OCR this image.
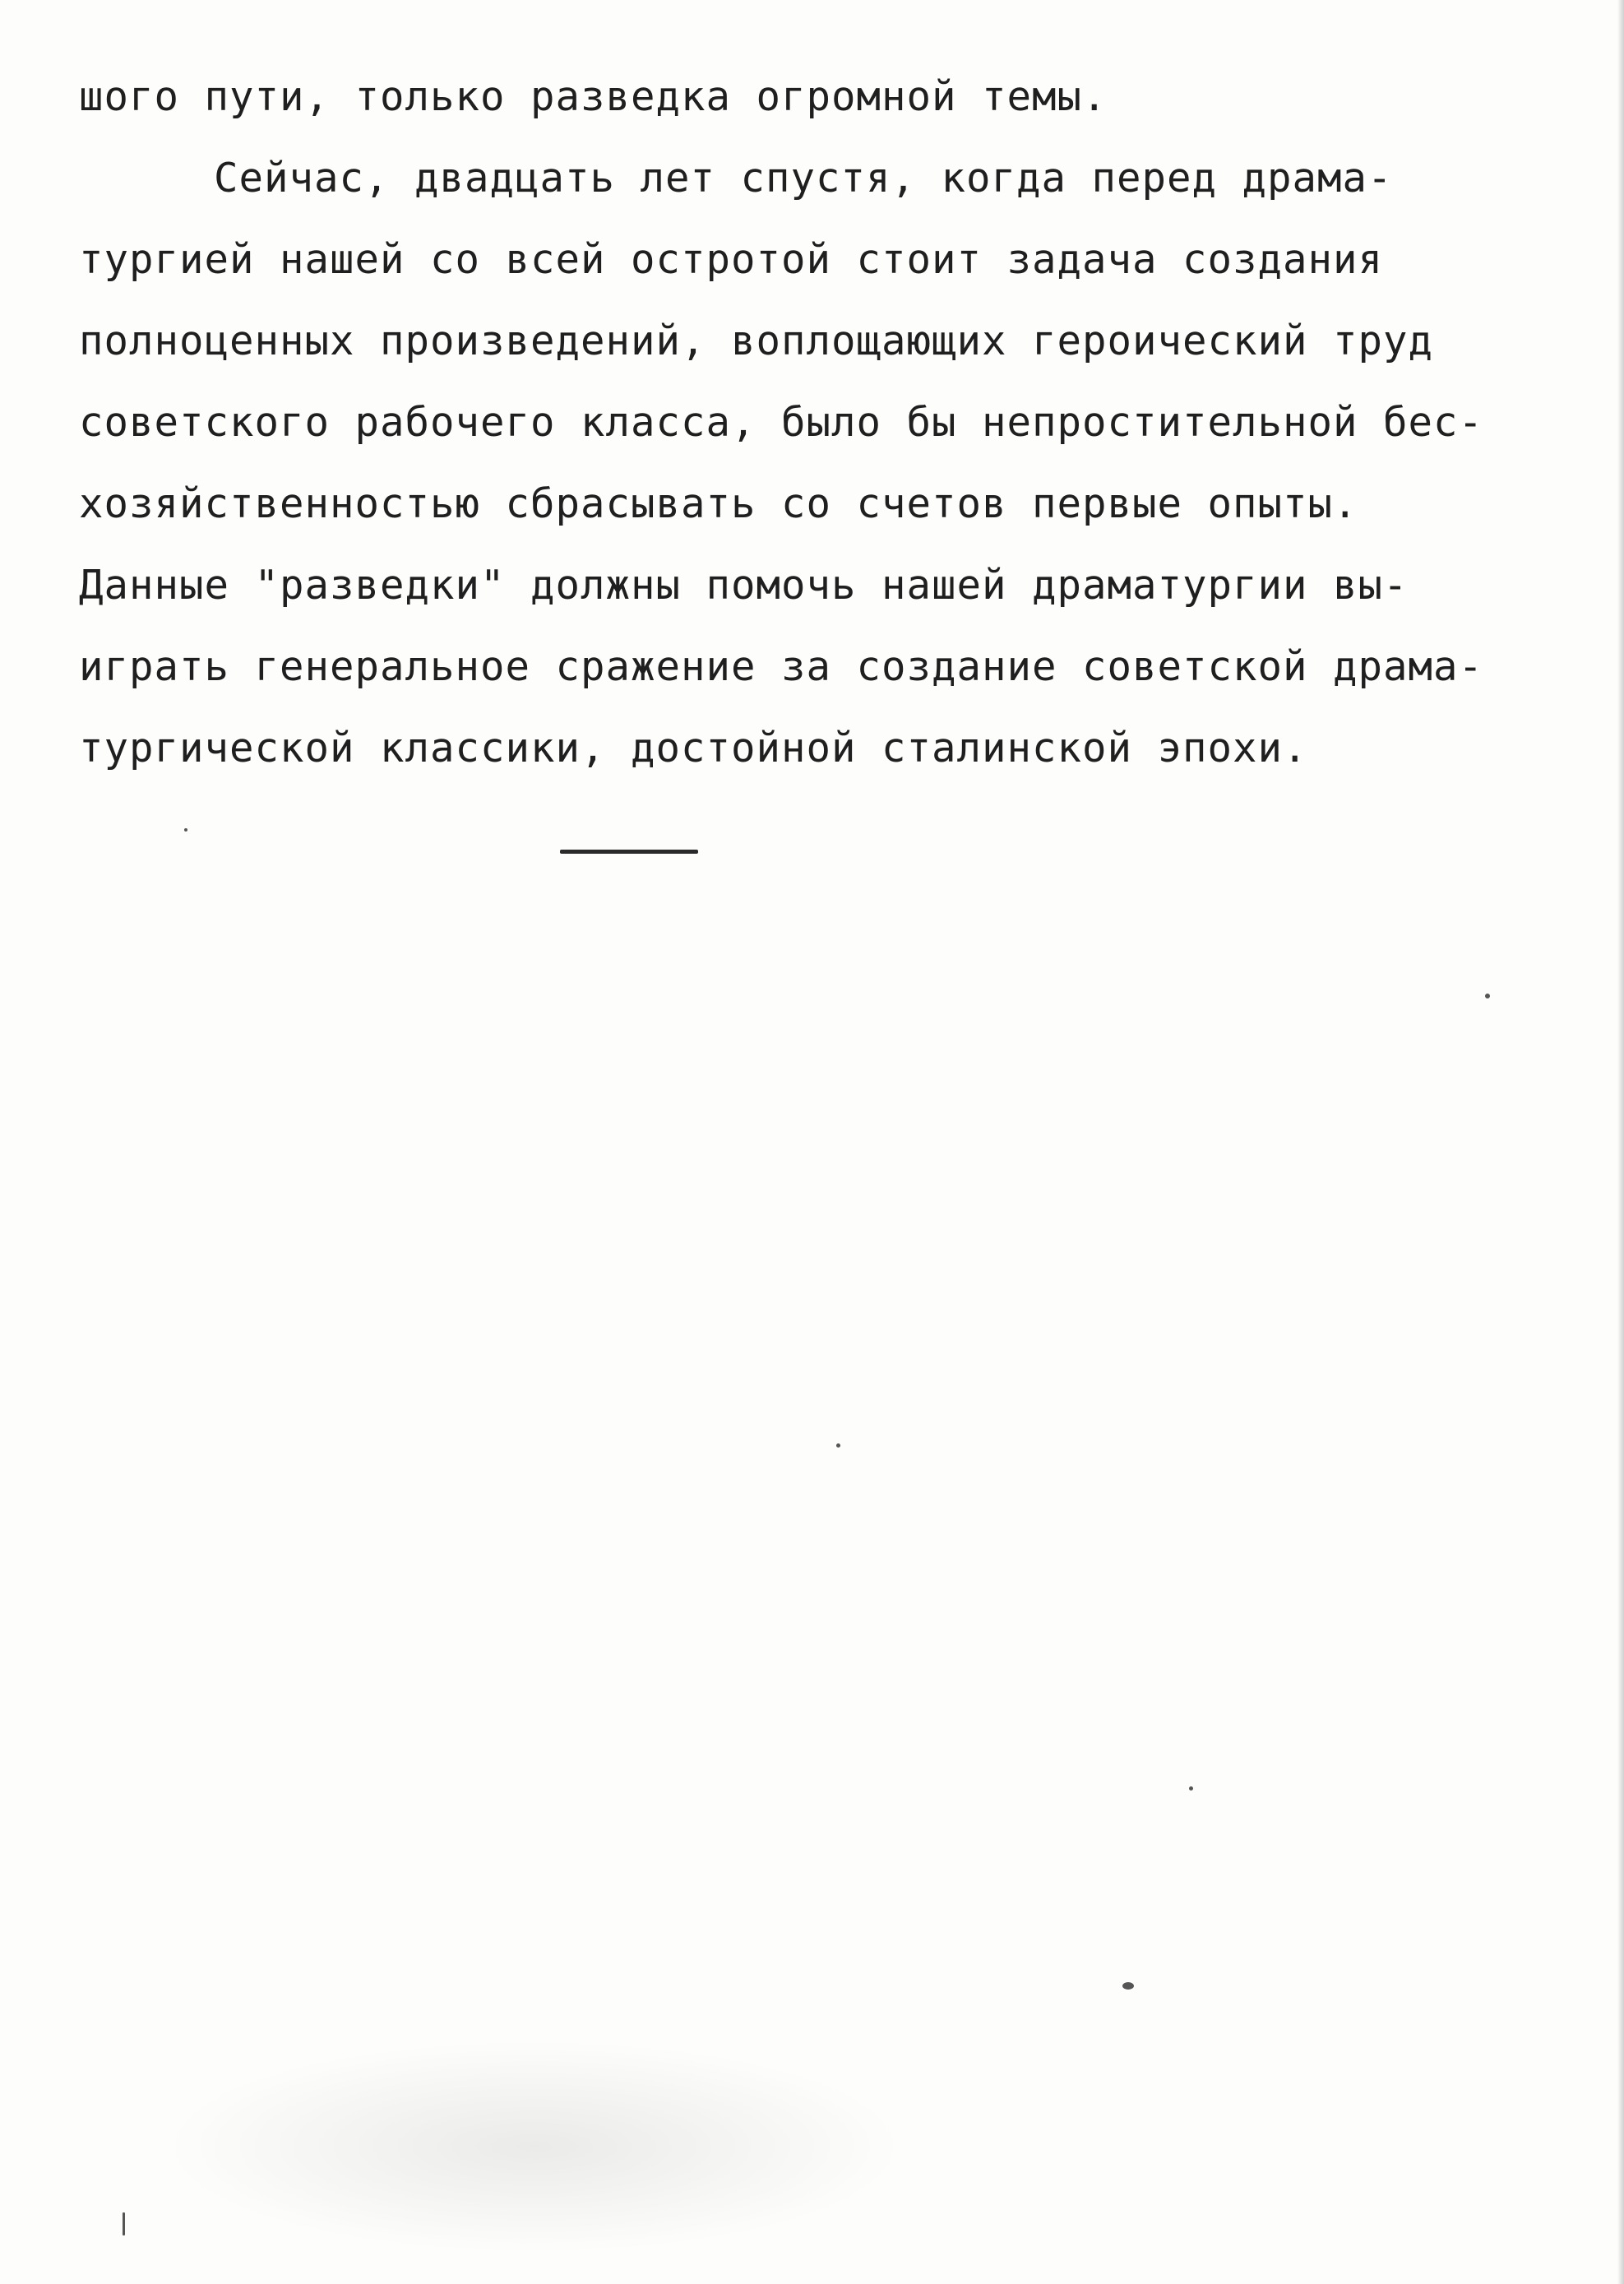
шого пути, только разведка огромной темы.
Сейчас, двадцать лет спустя, когда перед драма-
тургией нашей со всей остротой стоит задача создания
полноценных произведений, воплощающих героический труд
советского рабочего класса, было бы непростительной бес-
хозяйственностью сбрасывать со счетов первые опыты.
Данные "разведки" должны помочь нашей драматургии вы-
играть генеральное сражение за создание советской драма-
тургической классики, достойной сталинской эпохи.
